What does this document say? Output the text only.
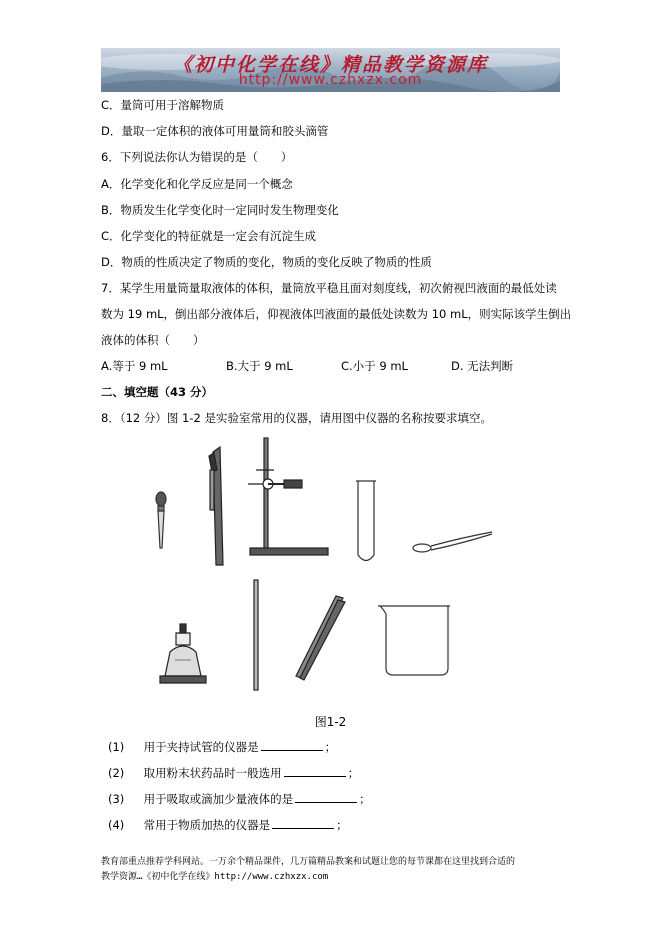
《初中化学在线》精品教学资源库
http://www.czhxzx.com
C．量筒可用于溶解物质
D．量取一定体积的液体可用量筒和胶头滴管
6．下列说法你认为错误的是（　　）
A．化学变化和化学反应是同一个概念
B．物质发生化学变化时一定同时发生物理变化
C．化学变化的特征就是一定会有沉淀生成
D．物质的性质决定了物质的变化，物质的变化反映了物质的性质
7．某学生用量筒量取液体的体积，量筒放平稳且面对刻度线，初次俯视凹液面的最低处读
数为 19 mL，倒出部分液体后，仰视液体凹液面的最低处读数为 10 mL，则实际该学生倒出
液体的体积（　　）
A.等于 9 mL	B.大于 9 mL	C.小于 9 mL	D. 无法判断
二、填空题（43 分）
8．（12 分）图 1-2 是实验室常用的仪器，请用图中仪器的名称按要求填空。
图1-2
(1) 用于夹持试管的仪器是	；
(2) 取用粉末状药品时一般选用	；
(3) 用于吸取或滴加少量液体的是	；
(4) 常用于物质加热的仪器是	；
教育部重点推荐学科网站。一万余个精品课件，几万篇精品教案和试题让您的每节课都在这里找到合适的
教学资源…《初中化学在线》http://www.czhxzx.com
